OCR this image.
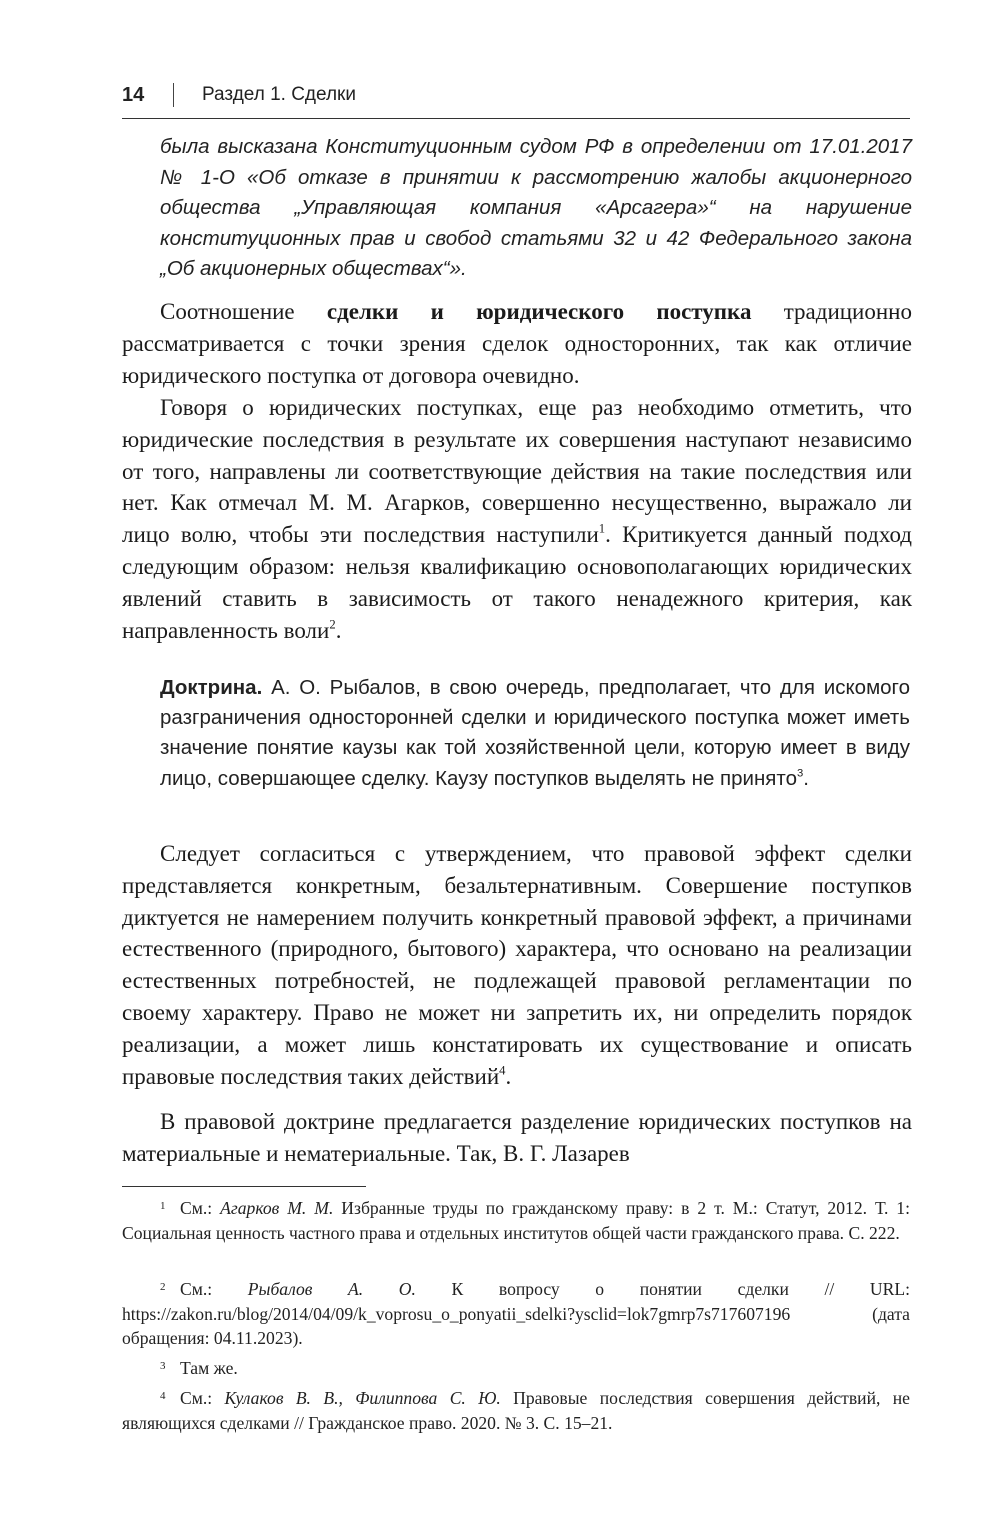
14	Раздел 1. Сделки

была высказана Конституционным судом РФ в определении от 17.01.2017 № 1-О «Об отказе в принятии к рассмотрению жалобы акционерного общества „Управляющая компания «Арсагера»“ на нарушение конституционных прав и свобод статьями 32 и 42 Федерального закона „Об акционерных обществах“».

Соотношение сделки и юридического поступка традиционно рассматривается с точки зрения сделок односторонних, так как отличие юридического поступка от договора очевидно.

Говоря о юридических поступках, еще раз необходимо отметить, что юридические последствия в результате их совершения наступают независимо от того, направлены ли соответствующие действия на такие последствия или нет. Как отмечал М. М. Агарков, совершенно несущественно, выражало ли лицо волю, чтобы эти последствия наступили$^1$. Критикуется данный подход следующим образом: нельзя квалификацию основополагающих юридических явлений ставить в зависимость от такого ненадежного критерия, как направленность воли$^2$.

Доктрина. А. О. Рыбалов, в свою очередь, предполагает, что для искомого разграничения односторонней сделки и юридического поступка может иметь значение понятие каузы как той хозяйственной цели, которую имеет в виду лицо, совершающее сделку. Каузу поступков выделять не принято$^3$.

Следует согласиться с утверждением, что правовой эффект сделки представляется конкретным, безальтернативным. Совершение поступков диктуется не намерением получить конкретный правовой эффект, а причинами естественного (природного, бытового) характера, что основано на реализации естественных потребностей, не подлежащей правовой регламентации по своему характеру. Право не может ни запретить их, ни определить порядок реализации, а может лишь констатировать их существование и описать правовые последствия таких действий$^4$.

В правовой доктрине предлагается разделение юридических поступков на материальные и нематериальные. Так, В. Г. Лазарев

1 См.: Агарков М. М. Избранные труды по гражданскому праву: в 2 т. М.: Статут, 2012. Т. 1: Социальная ценность частного права и отдельных институтов общей части гражданского права. С. 222.

2 См.: Рыбалов А. О. К вопросу о понятии сделки // URL: https://zakon.ru/blog/2014/04/09/k_voprosu_o_ponyatii_sdelki?ysclid=lok7gmrp7s717607196 (дата обращения: 04.11.2023).

3 Там же.

4 См.: Кулаков В. В., Филиппова С. Ю. Правовые последствия совершения действий, не являющихся сделками // Гражданское право. 2020. № 3. С. 15–21.
